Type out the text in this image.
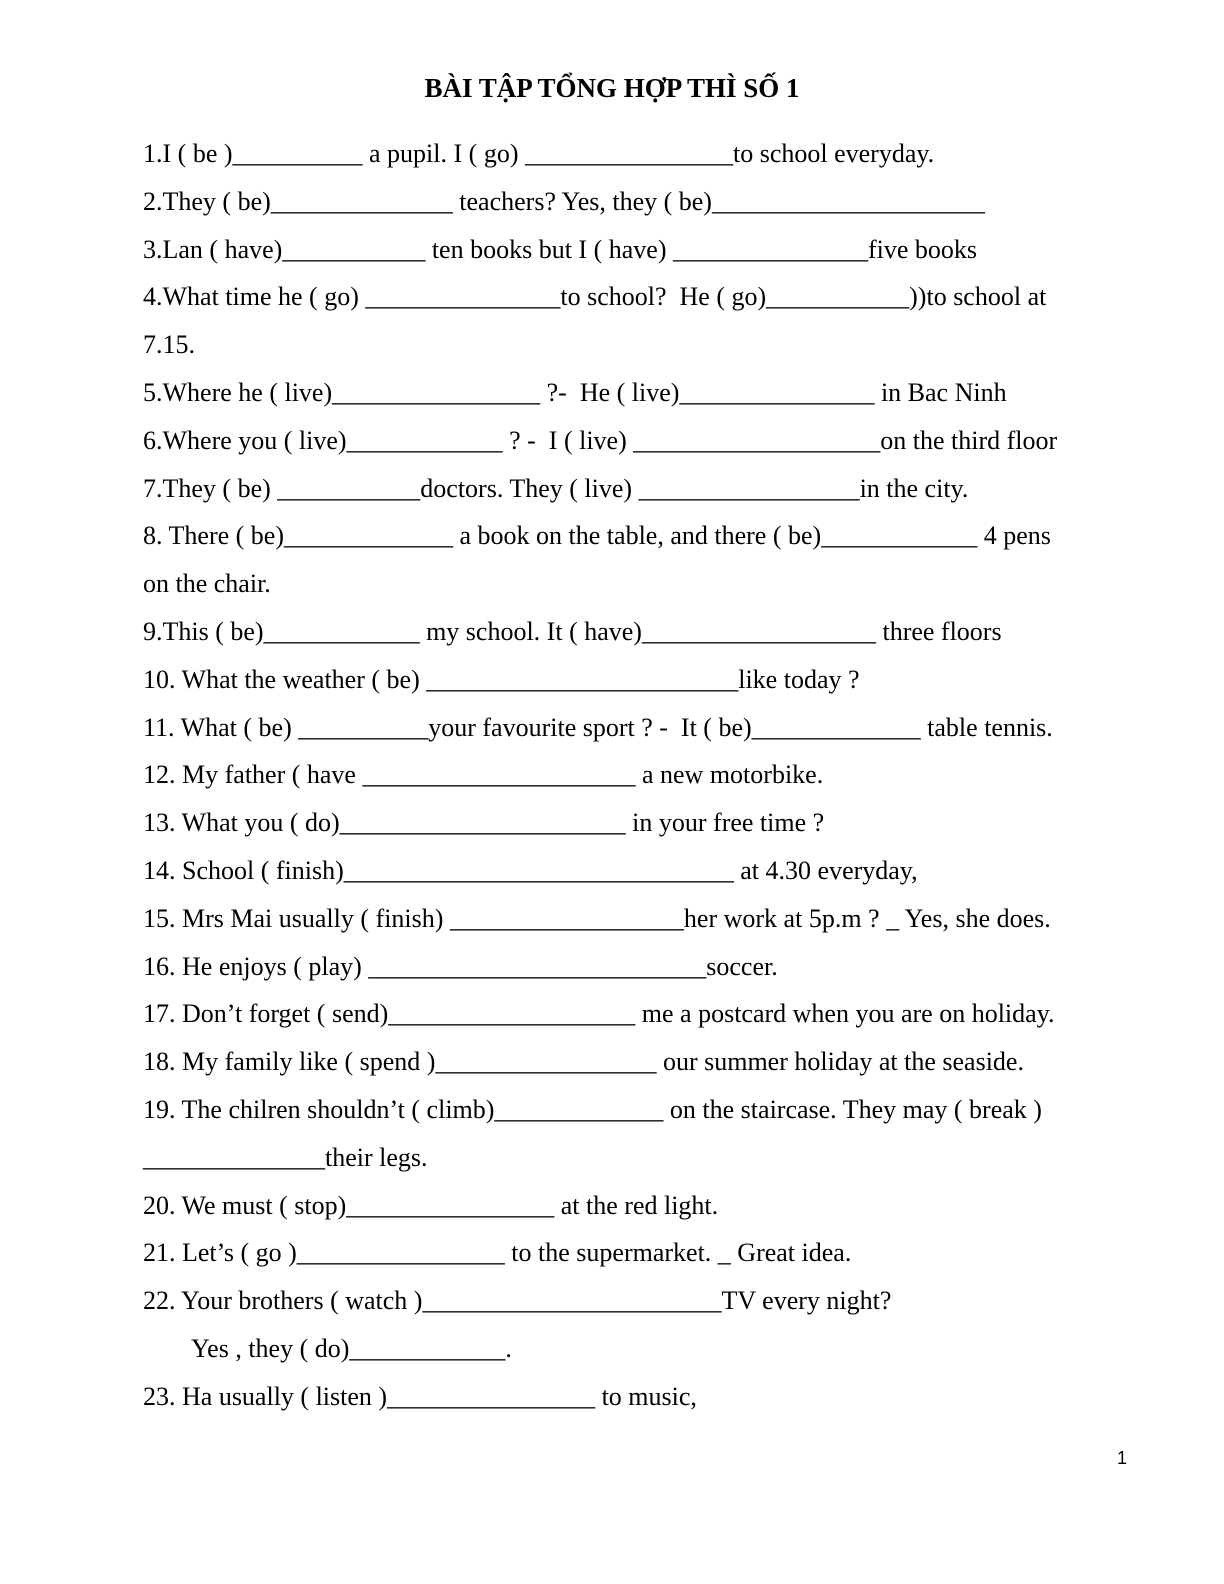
BÀI TẬP TỔNG HỢP THÌ SỐ 1
1.I ( be )__________ a pupil. I ( go) ________________to school everyday.
2.They ( be)______________ teachers? Yes, they ( be)_____________________
3.Lan ( have)___________ ten books but I ( have) _______________five books
4.What time he ( go) _______________to school?  He ( go)___________))to school at
7.15.
5.Where he ( live)________________ ?-  He ( live)_______________ in Bac Ninh
6.Where you ( live)____________ ? -  I ( live) ___________________on the third floor
7.They ( be) ___________doctors. They ( live) _________________in the city.
8. There ( be)_____________ a book on the table, and there ( be)____________ 4 pens
on the chair.
9.This ( be)____________ my school. It ( have)__________________ three floors
10. What the weather ( be) ________________________like today ?
11. What ( be) __________your favourite sport ? -  It ( be)_____________ table tennis.
12. My father ( have _____________________ a new motorbike.
13. What you ( do)______________________ in your free time ?
14. School ( finish)______________________________ at 4.30 everyday,
15. Mrs Mai usually ( finish) __________________her work at 5p.m ? _ Yes, she does.
16. He enjoys ( play) __________________________soccer.
17. Don’t forget ( send)___________________ me a postcard when you are on holiday.
18. My family like ( spend )_________________ our summer holiday at the seaside.
19. The chilren shouldn’t ( climb)_____________ on the staircase. They may ( break )
______________their legs.
20. We must ( stop)________________ at the red light.
21. Let’s ( go )________________ to the supermarket. _ Great idea.
22. Your brothers ( watch )_______________________TV every night?
Yes , they ( do)____________.
23. Ha usually ( listen )________________ to music,
1
